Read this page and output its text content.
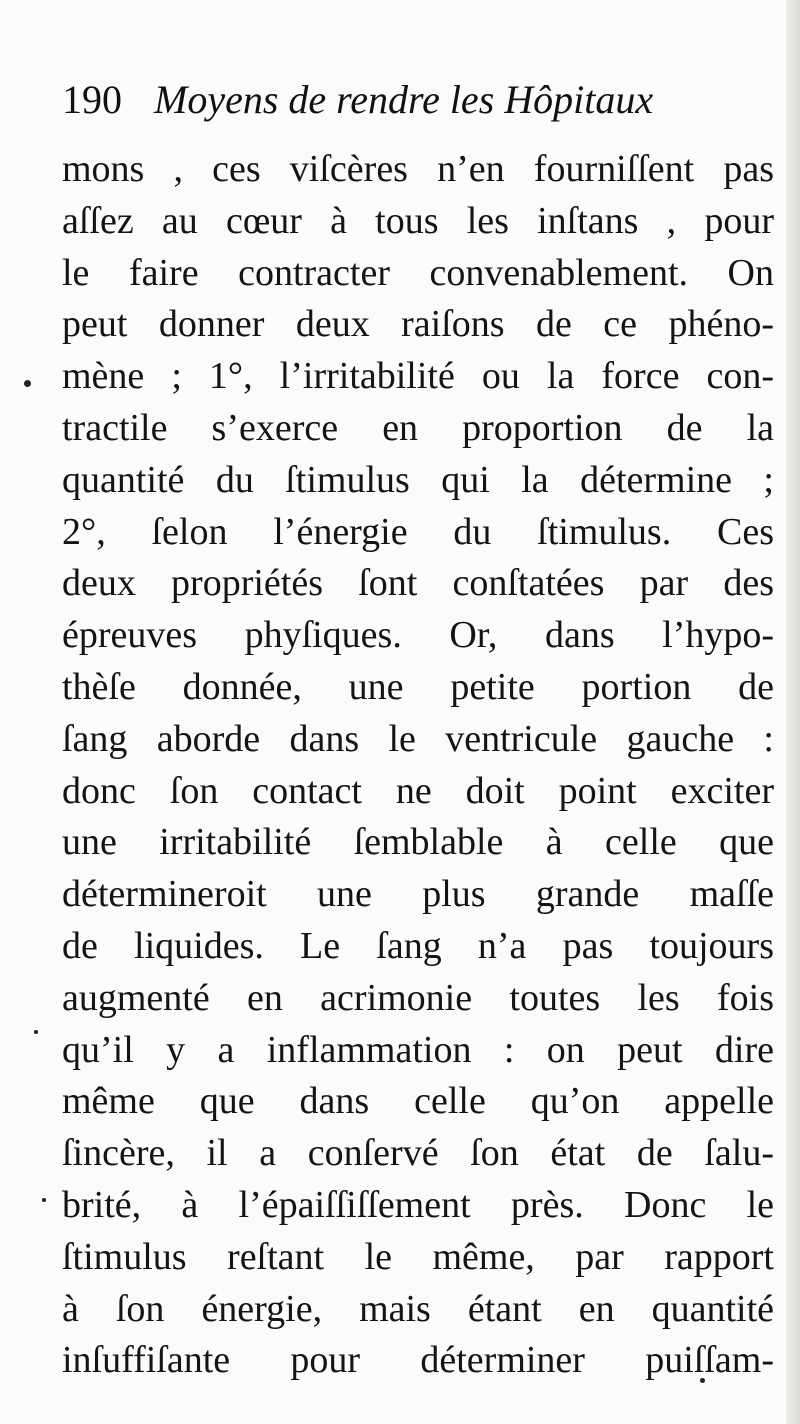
190 Moyens de rendre les Hôpitaux
mons , ces viſcères n’en fourniſſent pas
aſſez au cœur à tous les inſtans , pour
le faire contracter convenablement. On
peut donner deux raiſons de ce phéno-
mène ; 1°, l’irritabilité ou la force con-
tractile s’exerce en proportion de la
quantité du ſtimulus qui la détermine ;
2°, ſelon l’énergie du ſtimulus. Ces
deux propriétés ſont conſtatées par des
épreuves phyſiques. Or, dans l’hypo-
thèſe donnée, une petite portion de
ſang aborde dans le ventricule gauche :
donc ſon contact ne doit point exciter
une irritabilité ſemblable à celle que
détermineroit une plus grande maſſe
de liquides. Le ſang n’a pas toujours
augmenté en acrimonie toutes les fois
qu’il y a inflammation : on peut dire
même que dans celle qu’on appelle
ſincère, il a conſervé ſon état de ſalu-
brité, à l’épaiſſiſſement près. Donc le
ſtimulus reſtant le même, par rapport
à ſon énergie, mais étant en quantité
inſuffiſante pour déterminer puiſſam-
